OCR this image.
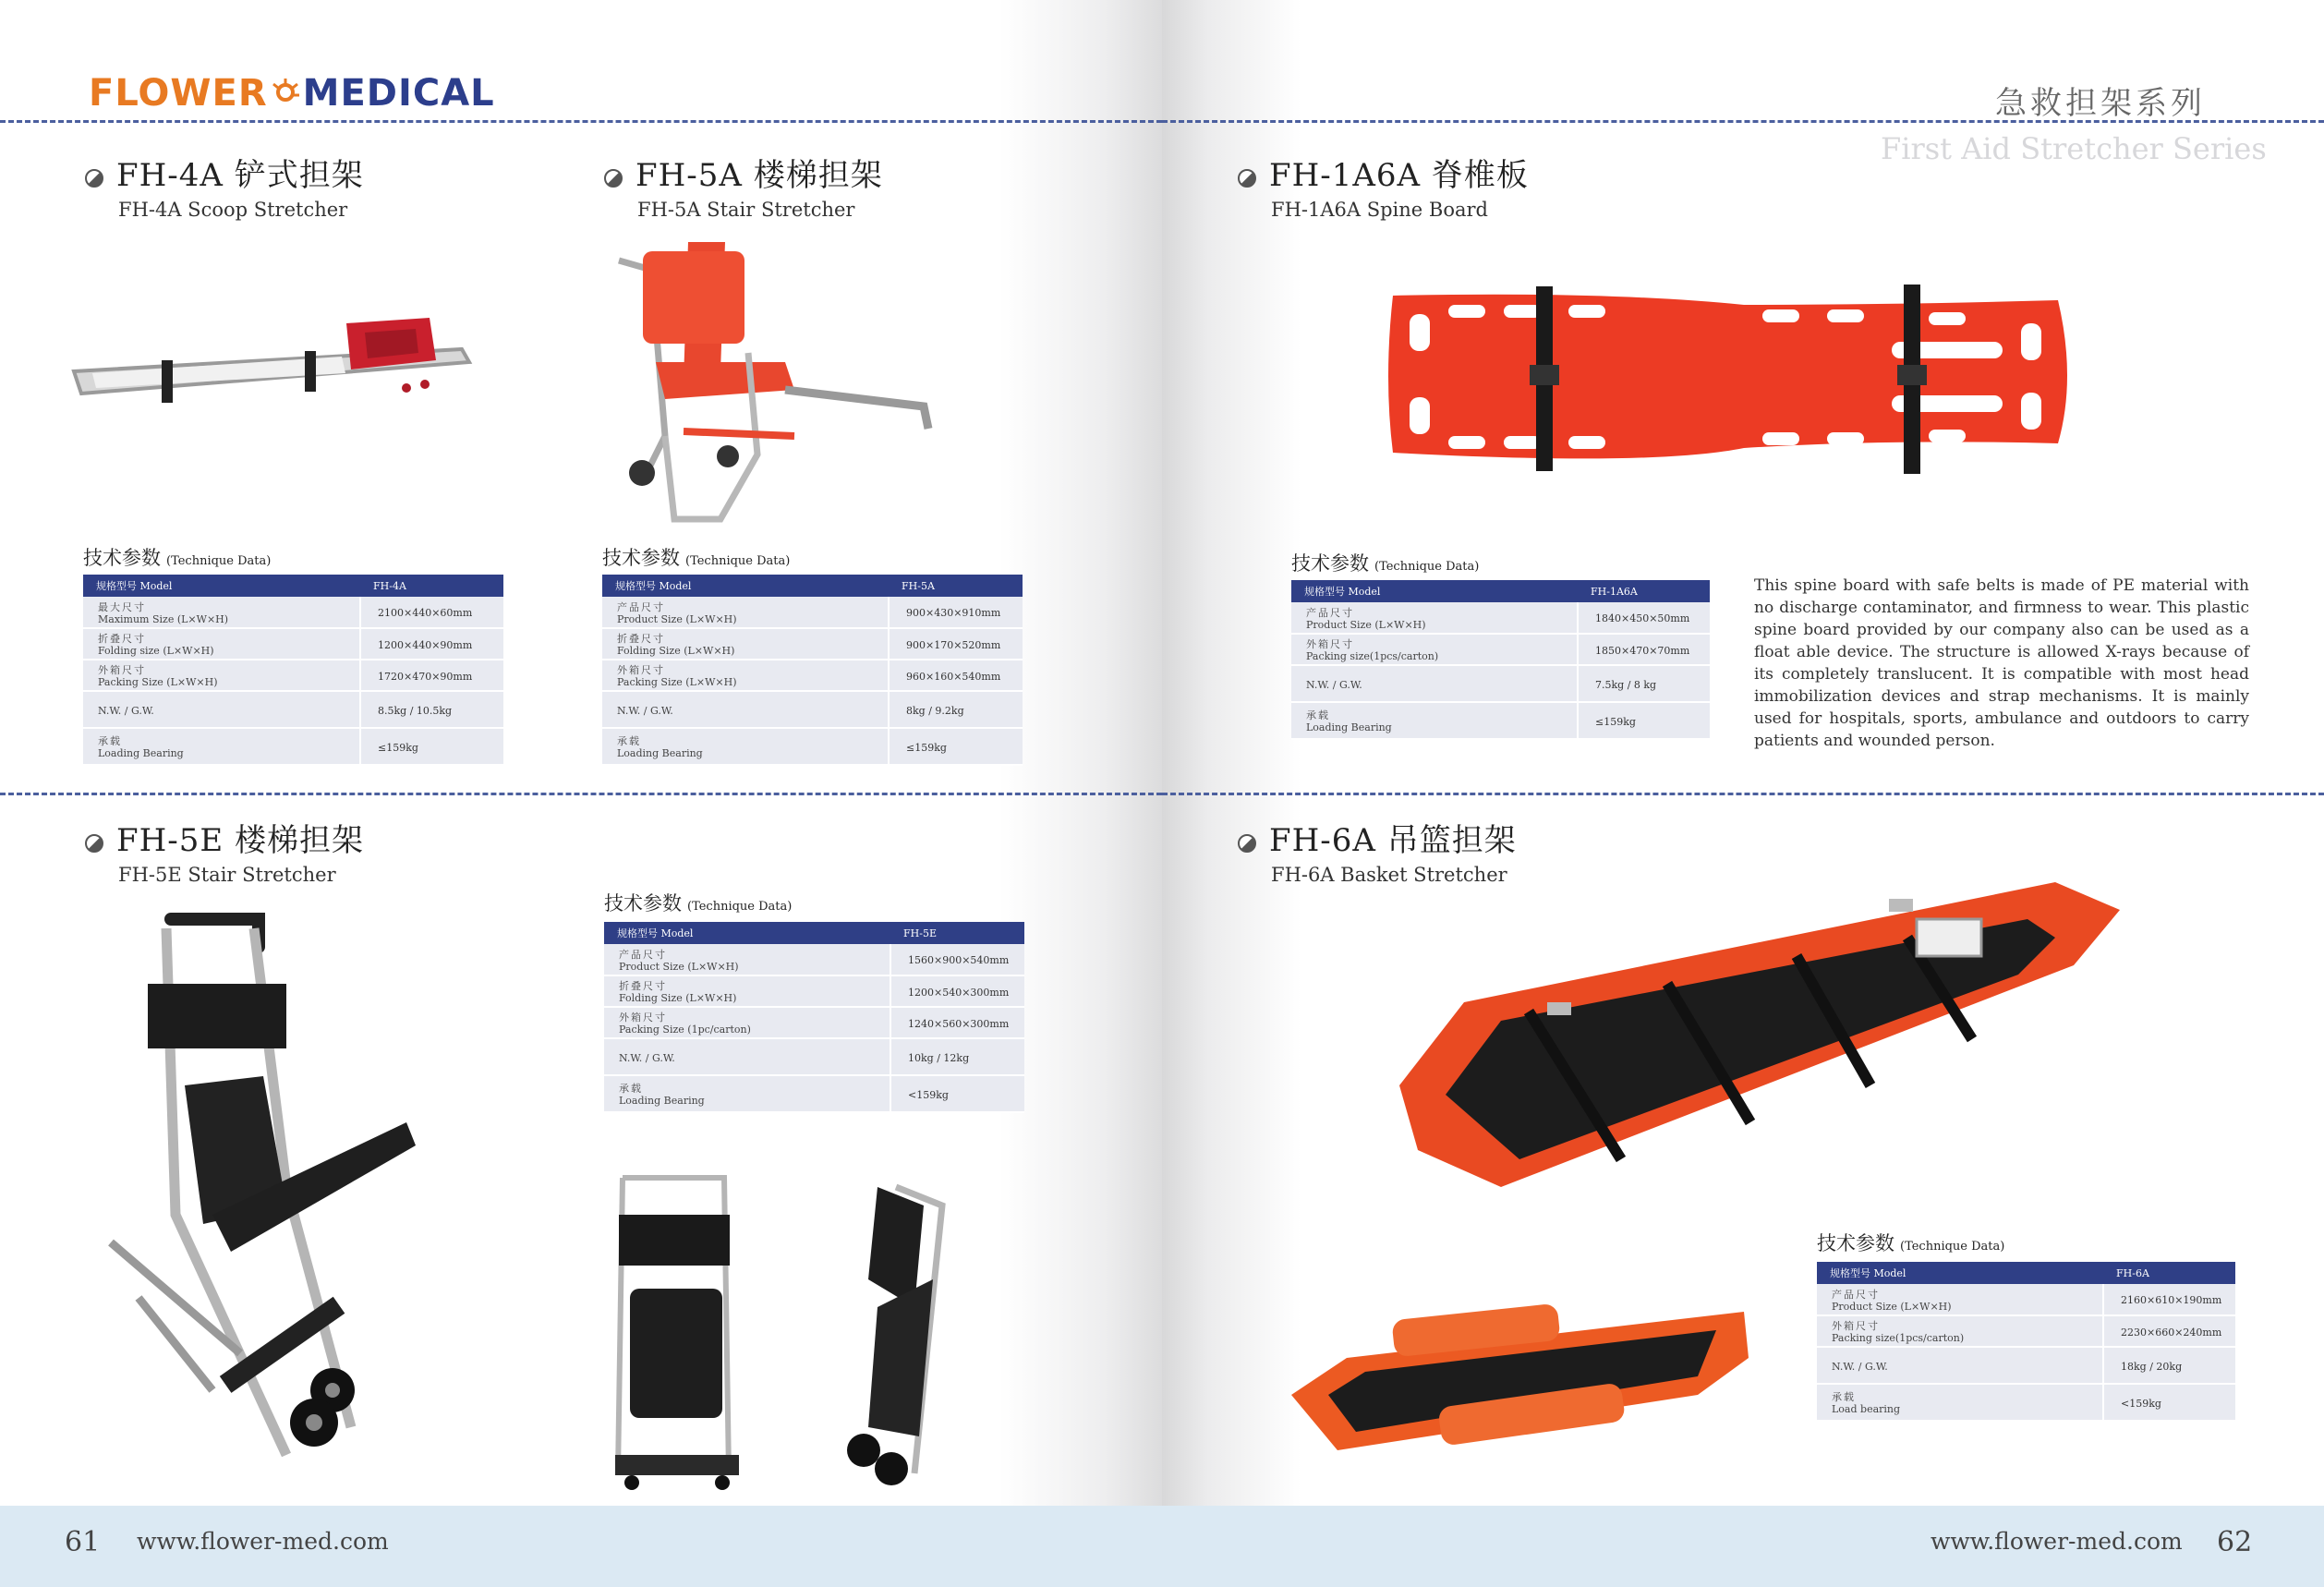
FLOWER MEDICAL
FH-4A 铲式担架
FH-4A Scoop Stretcher
FH-5A 楼梯担架
FH-5A Stair Stretcher
技术参数 (Technique Data)
规格型号 Model	FH-4A

最大尺寸
Maximum Size (L×W×H)	2100×440×60mm

折叠尺寸
Folding size (L×W×H)	1200×440×90mm

外箱尺寸
Packing Size (L×W×H)	1720×470×90mm

N.W. / G.W.	8.5kg / 10.5kg

承载
Loading Bearing	≤159kg
技术参数 (Technique Data)
规格型号 Model	FH-5A

产品尺寸
Product Size (L×W×H)	900×430×910mm

折叠尺寸
Folding Size (L×W×H)	900×170×520mm

外箱尺寸
Packing Size (L×W×H)	960×160×540mm

N.W. / G.W.	8kg / 9.2kg

承载
Loading Bearing	≤159kg
FH-5E 楼梯担架
FH-5E Stair Stretcher
技术参数 (Technique Data)
规格型号 Model	FH-5E

产品尺寸
Product Size (L×W×H)	1560×900×540mm

折叠尺寸
Folding Size (L×W×H)	1200×540×300mm

外箱尺寸
Packing Size (1pc/carton)	1240×560×300mm

N.W. / G.W.	10kg / 12kg

承载
Loading Bearing	<159kg
61 www.flower-med.com
急救担架系列
First Aid Stretcher Series
FH-1A6A 脊椎板
FH-1A6A Spine Board
技术参数 (Technique Data)
规格型号 Model	FH-1A6A

产品尺寸
Product Size (L×W×H)	1840×450×50mm

外箱尺寸
Packing size(1pcs/carton)	1850×470×70mm

N.W. / G.W.	7.5kg / 8 kg

承载
Loading Bearing	≤159kg
This spine board with safe belts is made of PE material with no discharge contaminator, and firmness to wear. This plastic spine board provided by our company also can be used as a float able device. The structure is allowed X-rays because of its completely translucent. It is compatible with most head immobilization devices and strap mechanisms. It is mainly used for hospitals, sports, ambulance and outdoors to carry patients and wounded person.
FH-6A 吊篮担架
FH-6A Basket Stretcher
技术参数 (Technique Data)
规格型号 Model	FH-6A

产品尺寸
Product Size (L×W×H)	2160×610×190mm

外箱尺寸
Packing size(1pcs/carton)	2230×660×240mm

N.W. / G.W.	18kg / 20kg

承载
Load bearing	<159kg
www.flower-med.com 62
